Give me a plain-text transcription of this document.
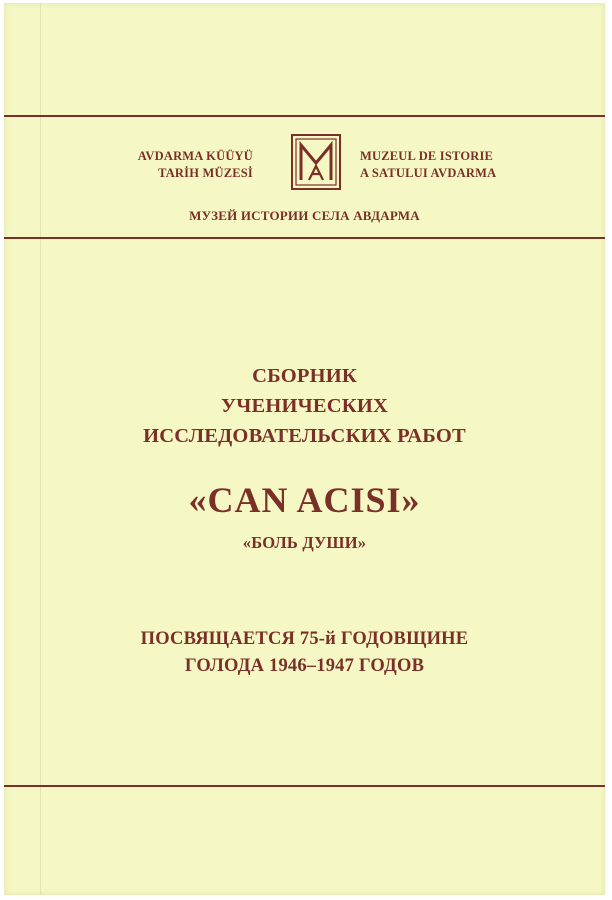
AVDARMA KÜÜYÜ
TARİH MÜZESİ
MUZEUL DE ISTORIE
A SATULUI AVDARMA
МУЗЕЙ ИСТОРИИ СЕЛА АВДАРМА
СБОРНИК
УЧЕНИЧЕСКИХ
ИССЛЕДОВАТЕЛЬСКИХ РАБОТ
«CAN ACISI»
«БОЛЬ ДУШИ»
ПОСВЯЩАЕТСЯ 75-й ГОДОВЩИНЕ
ГОЛОДА 1946–1947 ГОДОВ
